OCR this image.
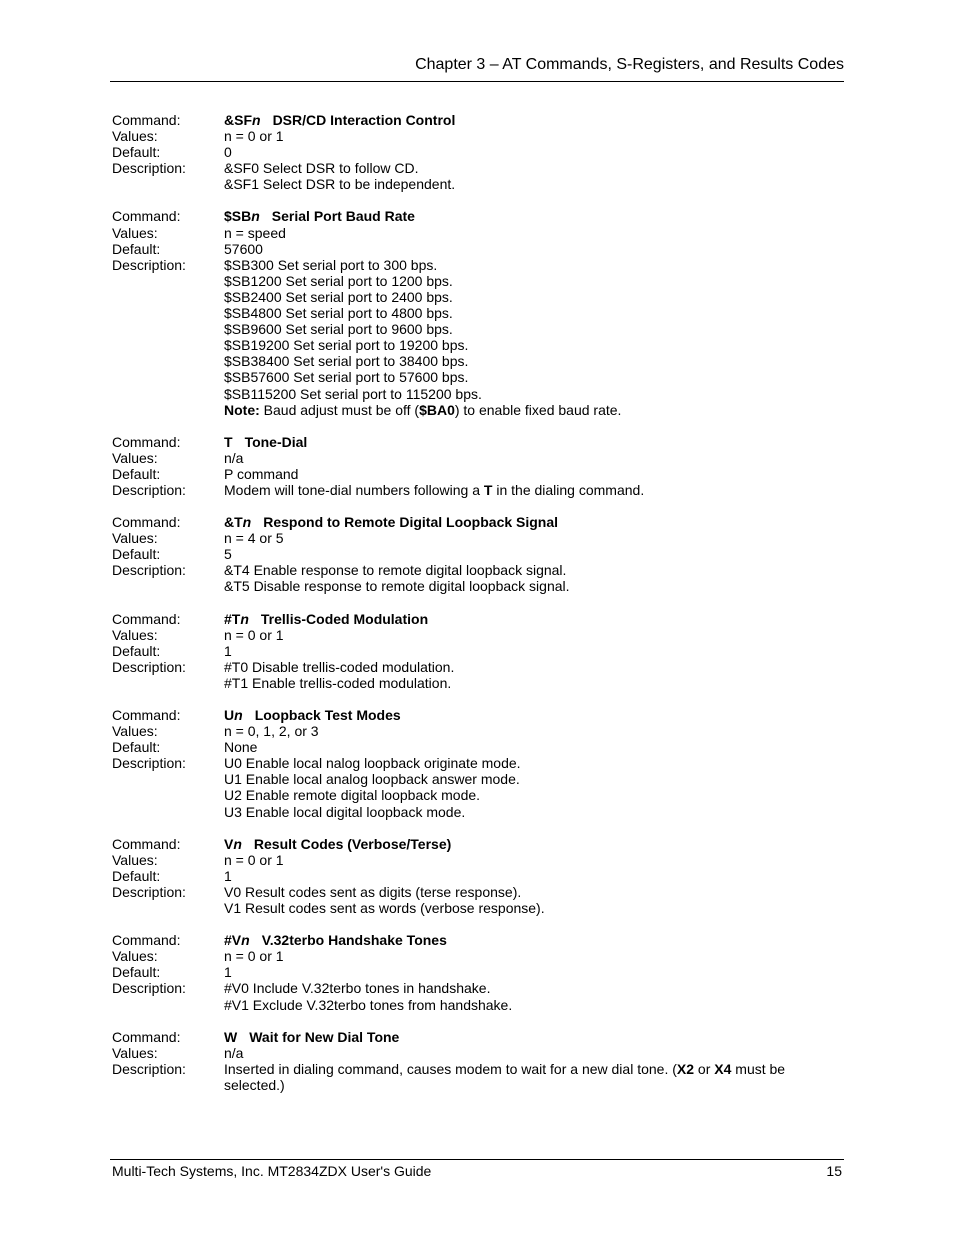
Chapter 3 – AT Commands, S-Registers, and Results Codes
Command:	&SFn DSR/CD Interaction Control
Values:	n = 0 or 1
Default:	0
Description:	&SF0 Select DSR to follow CD.

&SF1 Select DSR to be independent.

Command:	$SBn Serial Port Baud Rate
Values:	n = speed
Default:	57600
Description:	$SB300 Set serial port to 300 bps.

$SB1200 Set serial port to 1200 bps.

$SB2400 Set serial port to 2400 bps.

$SB4800 Set serial port to 4800 bps.

$SB9600 Set serial port to 9600 bps.

$SB19200 Set serial port to 19200 bps.

$SB38400 Set serial port to 38400 bps.

$SB57600 Set serial port to 57600 bps.

$SB115200 Set serial port to 115200 bps.

Note: Baud adjust must be off ($BA0) to enable fixed baud rate.

Command:	T Tone-Dial
Values:	n/a
Default:	P command
Description:	Modem will tone-dial numbers following a T in the dialing command.

Command:	&Tn Respond to Remote Digital Loopback Signal
Values:	n = 4 or 5
Default:	5
Description:	&T4 Enable response to remote digital loopback signal.

&T5 Disable response to remote digital loopback signal.

Command:	#Tn Trellis-Coded Modulation
Values:	n = 0 or 1
Default:	1
Description:	#T0 Disable trellis-coded modulation.

#T1 Enable trellis-coded modulation.

Command:	Un Loopback Test Modes
Values:	n = 0, 1, 2, or 3
Default:	None
Description:	U0 Enable local nalog loopback originate mode.

U1 Enable local analog loopback answer mode.

U2 Enable remote digital loopback mode.

U3 Enable local digital loopback mode.

Command:	Vn Result Codes (Verbose/Terse)
Values:	n = 0 or 1
Default:	1
Description:	V0 Result codes sent as digits (terse response).

V1 Result codes sent as words (verbose response).

Command:	#Vn V.32terbo Handshake Tones
Values:	n = 0 or 1
Default:	1
Description:	#V0 Include V.32terbo tones in handshake.

#V1 Exclude V.32terbo tones from handshake.

Command:	W Wait for New Dial Tone
Values:	n/a
Description:	Inserted in dialing command, causes modem to wait for a new dial tone. (X2 or X4 must be selected.)

Multi-Tech Systems, Inc. MT2834ZDX User's Guide	15
